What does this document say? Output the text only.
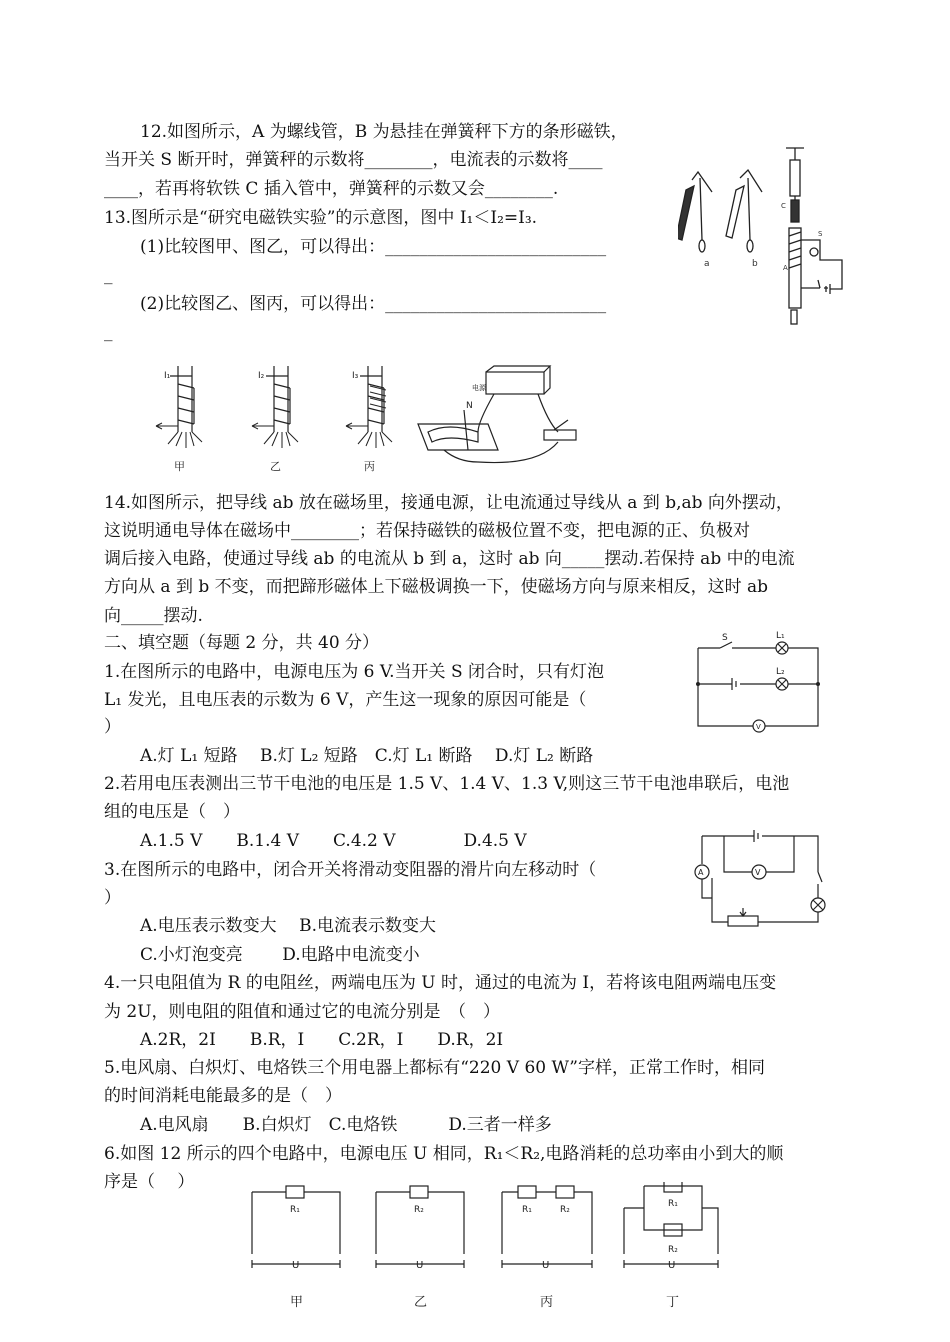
12.如图所示，A 为螺线管，B 为悬挂在弹簧秤下方的条形磁铁，
当开关 S 断开时，弹簧秤的示数将________，电流表的示数将____
____，若再将软铁 C 插入管中，弹簧秤的示数又会________.
13.图所示是“研究电磁铁实验”的示意图，图中 I₁＜I₂=I₃.
(1)比较图甲、图乙，可以得出：__________________________
_
(2)比较图乙、图丙，可以得出：__________________________
_
a	b	A
S
C
I₁	I₂	I₃
甲	乙	丙
电源
N
14.如图所示，把导线 ab 放在磁场里，接通电源，让电流通过导线从 a 到 b,ab 向外摆动，
这说明通电导体在磁场中________；若保持磁铁的磁极位置不变，把电源的正、负极对
调后接入电路，使通过导线 ab 的电流从 b 到 a，这时 ab 向_____摆动.若保持 ab 中的电流
方向从 a 到 b 不变，而把蹄形磁体上下磁极调换一下，使磁场方向与原来相反，这时 ab
向_____摆动.
二、填空题（每题 2 分，共 40 分）
1.在图所示的电路中，电源电压为 6 V.当开关 S 闭合时，只有灯泡
L₁ 发光，且电压表的示数为 6 V，产生这一现象的原因可能是（
）
A.灯 L₁ 短路　 B.灯 L₂ 短路　C.灯 L₁ 断路　 D.灯 L₂ 断路
S	L₁
L₂
V
2.若用电压表测出三节干电池的电压是 1.5 V、1.4 V、1.3 V,则这三节干电池串联后，电池
组的电压是（　）
A.1.5 V　　B.1.4 V　　C.4.2 V　　　　D.4.5 V
3.在图所示的电路中，闭合开关将滑动变阻器的滑片向左移动时（
）
A.电压表示数变大　 B.电流表示数变大
C.小灯泡变亮　　 D.电路中电流变小
A	V
4.一只电阻值为 R 的电阻丝，两端电压为 U 时，通过的电流为 I，若将该电阻两端电压变
为 2U，则电阻的阻值和通过它的电流分别是　（　）
A.2R，2I　　B.R，I　　C.2R，I　　D.R，2I
5.电风扇、白炽灯、电烙铁三个用电器上都标有“220 V 60 W”字样，正常工作时，相同
的时间消耗电能最多的是（　）
A.电风扇　　B.白炽灯　C.电烙铁　　　D.三者一样多
6.如图 12 所示的四个电路中，电源电压 U 相同，R₁＜R₂,电路消耗的总功率由小到大的顺
序是（　 ）
R₁	R₂	R₁	R₂
R₁
R₂
U	U	U	U
甲	乙	丙	丁
